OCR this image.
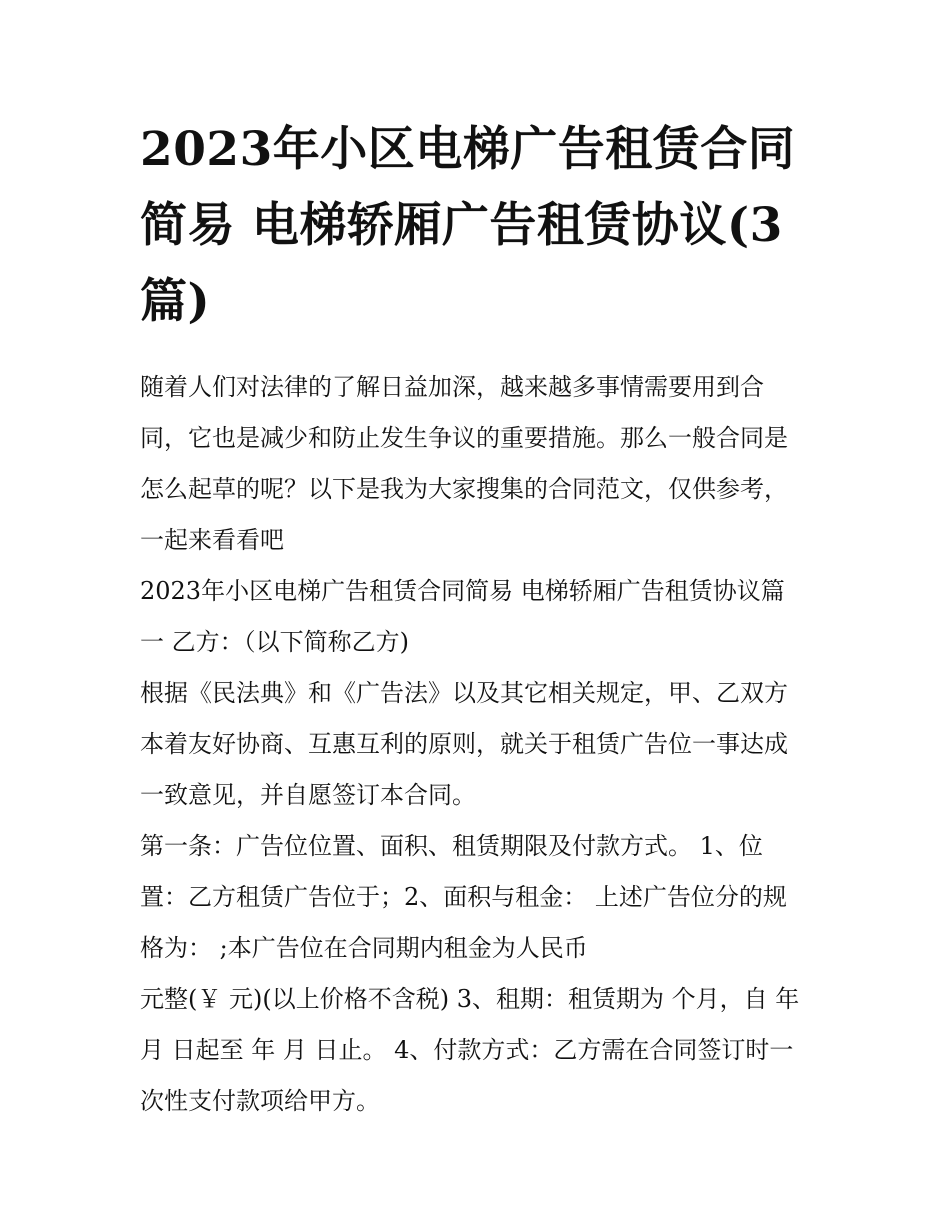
2023年小区电梯广告租赁合同
简易 电梯轿厢广告租赁协议(3
篇)

随着人们对法律的了解日益加深，越来越多事情需要用到合
同，它也是减少和防止发生争议的重要措施。那么一般合同是
怎么起草的呢？以下是我为大家搜集的合同范文，仅供参考，
一起来看看吧

2023年小区电梯广告租赁合同简易 电梯轿厢广告租赁协议篇
一 乙方：（以下简称乙方)

根据《民法典》和《广告法》以及其它相关规定，甲、乙双方
本着友好协商、互惠互利的原则，就关于租赁广告位一事达成
一致意见，并自愿签订本合同。

第一条：广告位位置、面积、租赁期限及付款方式。 1、位
置：乙方租赁广告位于；2、面积与租金： 上述广告位分的规
格为： ;本广告位在合同期内租金为人民币
元整(￥ 元)(以上价格不含税) 3、租期：租赁期为 个月，自 年
月 日起至 年 月 日止。 4、付款方式：乙方需在合同签订时一
次性支付款项给甲方。
